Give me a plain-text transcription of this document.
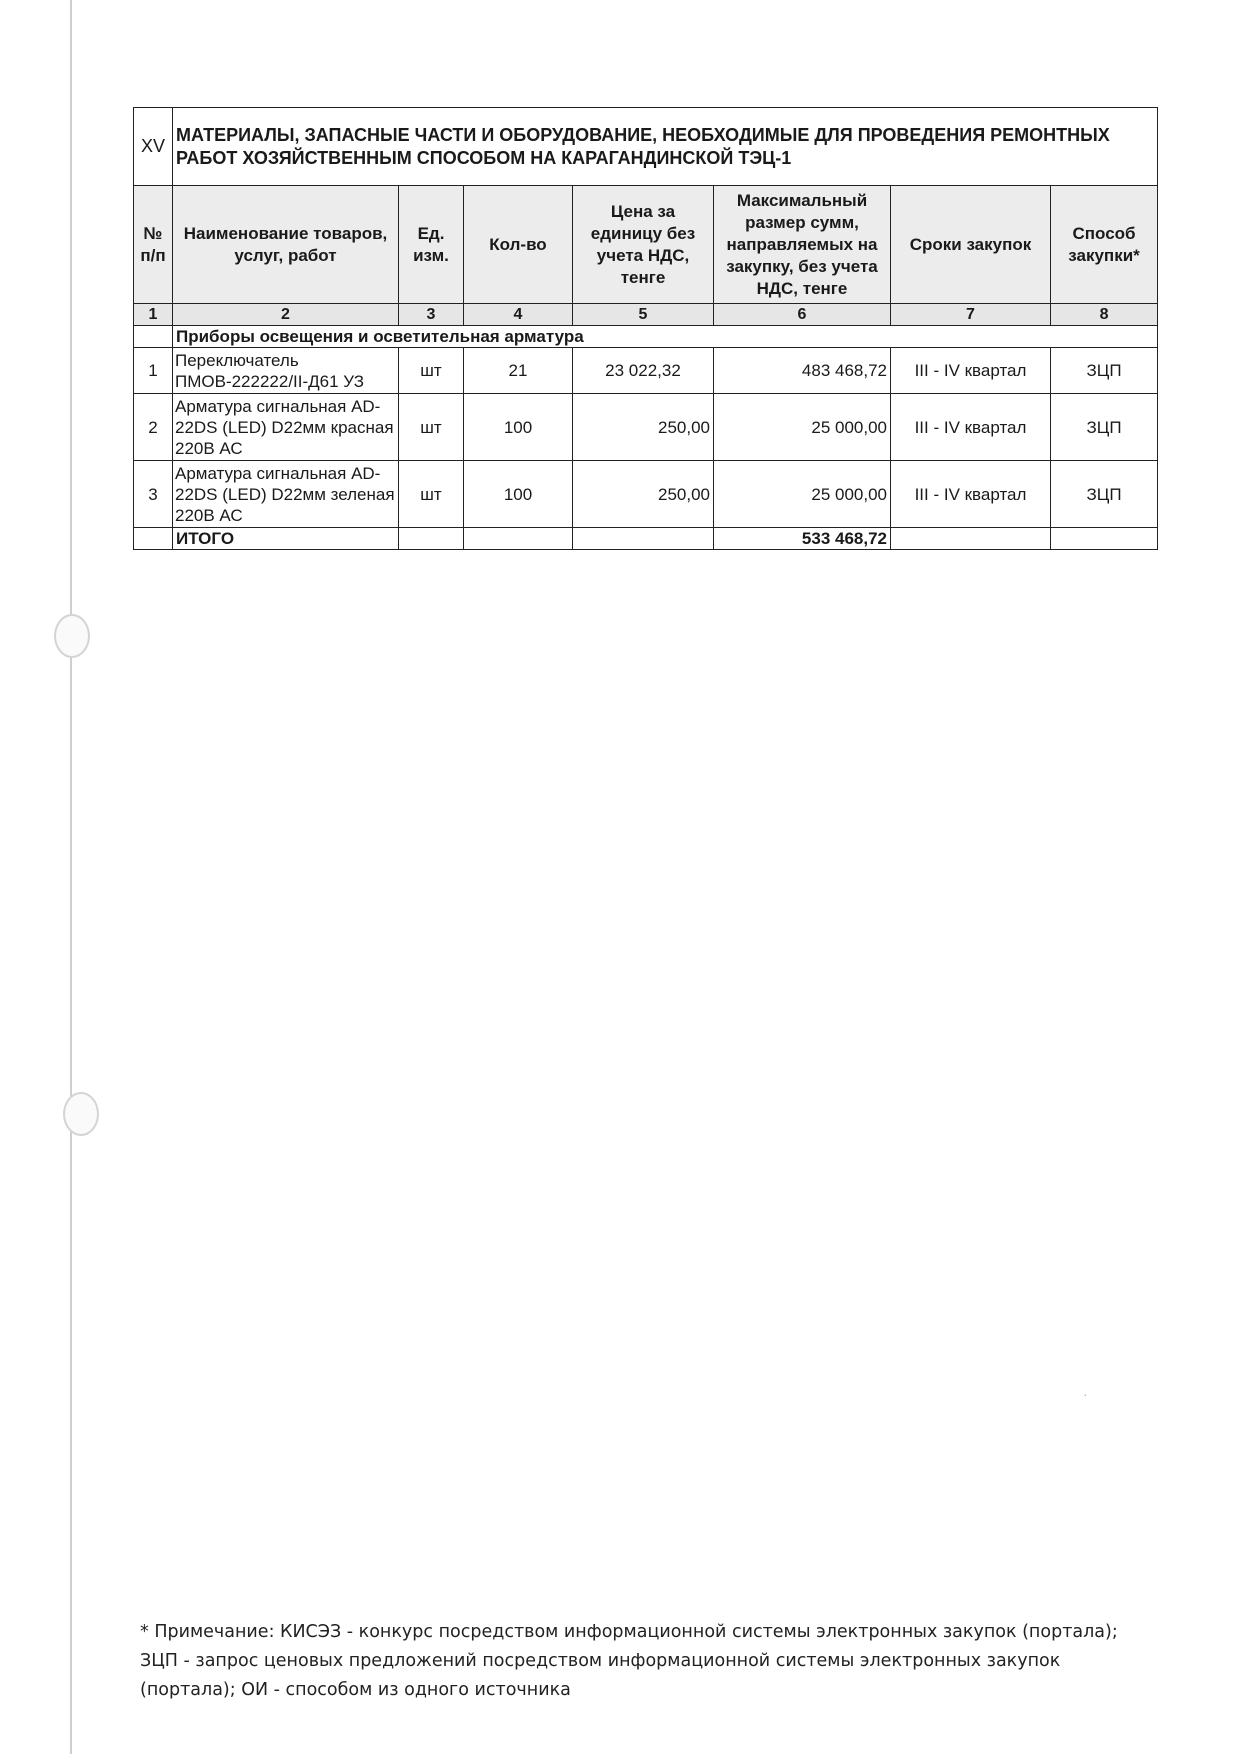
XV	МАТЕРИАЛЫ, ЗАПАСНЫЕ ЧАСТИ И ОБОРУДОВАНИЕ, НЕОБХОДИМЫЕ ДЛЯ ПРОВЕДЕНИЯ РЕМОНТНЫХ РАБОТ ХОЗЯЙСТВЕННЫМ СПОСОБОМ НА КАРАГАНДИНСКОЙ ТЭЦ-1						
№ п/п	Наименование товаров, услуг, работ	Ед. изм.	Кол-во	Цена за единицу без учета НДС, тенге	Максимальный размер сумм, направляемых на закупку, без учета НДС, тенге	Сроки закупок	Способ закупки*
1	2	3	4	5	6	7	8
	Приборы освещения и осветительная арматура						
1	Переключатель ПМОВ-222222/II-Д61 УЗ	шт	21	23 022,32	483 468,72	III - IV квартал	ЗЦП
2	Арматура сигнальная AD-22DS (LED) D22мм красная 220В АС	шт	100	250,00	25 000,00	III - IV квартал	ЗЦП
3	Арматура сигнальная AD-22DS (LED) D22мм зеленая 220В АС	шт	100	250,00	25 000,00	III - IV квартал	ЗЦП
	ИТОГО				533 468,72		
·
* Примечание: КИСЭЗ - конкурс посредством информационной системы электронных закупок (портала);
ЗЦП - запрос ценовых предложений посредством информационной системы электронных закупок
(портала); ОИ - способом из одного источника
